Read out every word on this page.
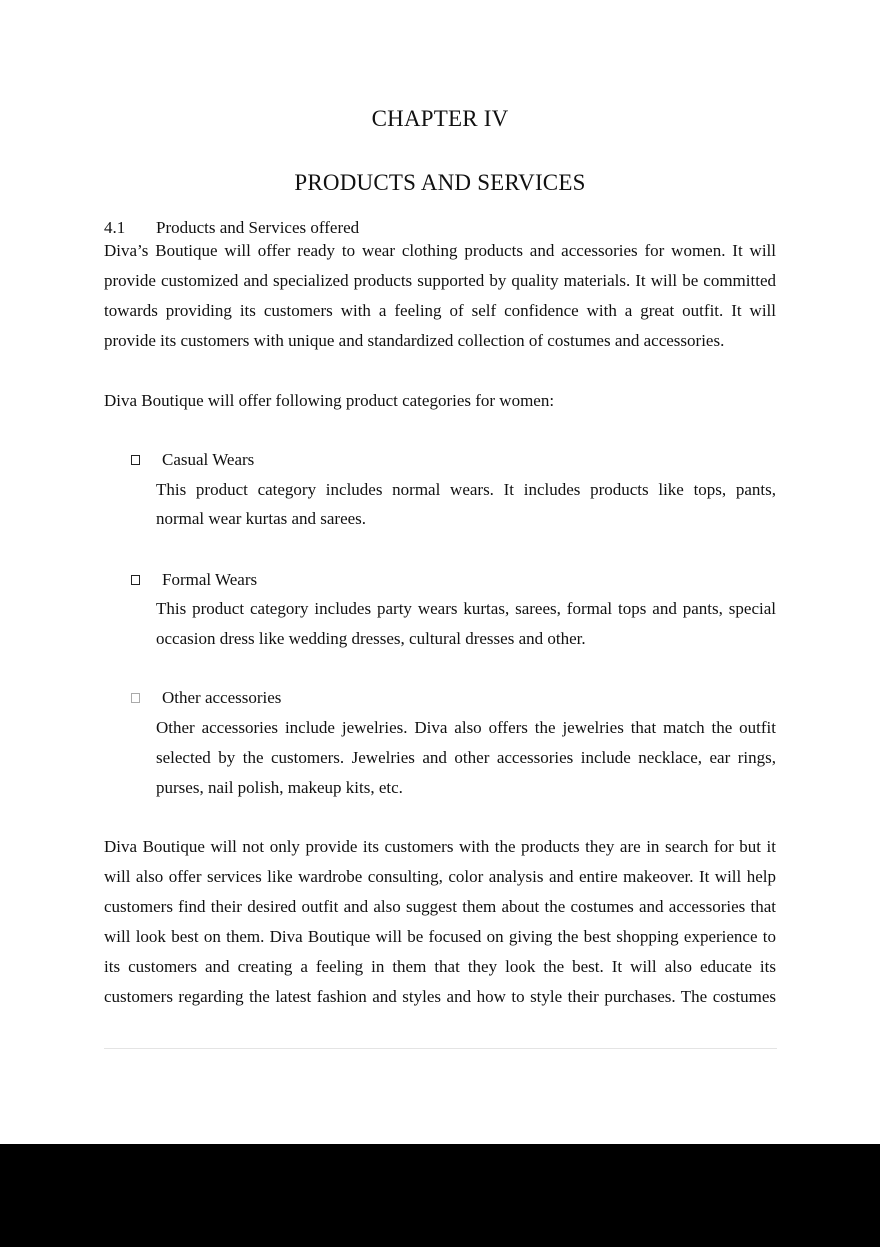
CHAPTER IV
PRODUCTS AND SERVICES
4.1 Products and Services offered
Diva’s Boutique will offer ready to wear clothing products and accessories for women. It will
provide customized and specialized products supported by quality materials. It will be committed
towards providing its customers with a feeling of self confidence with a great outfit. It will
provide its customers with unique and standardized collection of costumes and accessories.
Diva Boutique will offer following product categories for women:
Casual Wears
This product category includes normal wears. It includes products like tops, pants,
normal wear kurtas and sarees.
Formal Wears
This product category includes party wears kurtas, sarees, formal tops and pants, special
occasion dress like wedding dresses, cultural dresses and other.
Other accessories
Other accessories include jewelries. Diva also offers the jewelries that match the outfit
selected by the customers. Jewelries and other accessories include necklace, ear rings,
purses, nail polish, makeup kits, etc.
Diva Boutique will not only provide its customers with the products they are in search for but it
will also offer services like wardrobe consulting, color analysis and entire makeover. It will help
customers find their desired outfit and also suggest them about the costumes and accessories that
will look best on them. Diva Boutique will be focused on giving the best shopping experience to
its customers and creating a feeling in them that they look the best. It will also educate its
customers regarding the latest fashion and styles and how to style their purchases. The costumes
